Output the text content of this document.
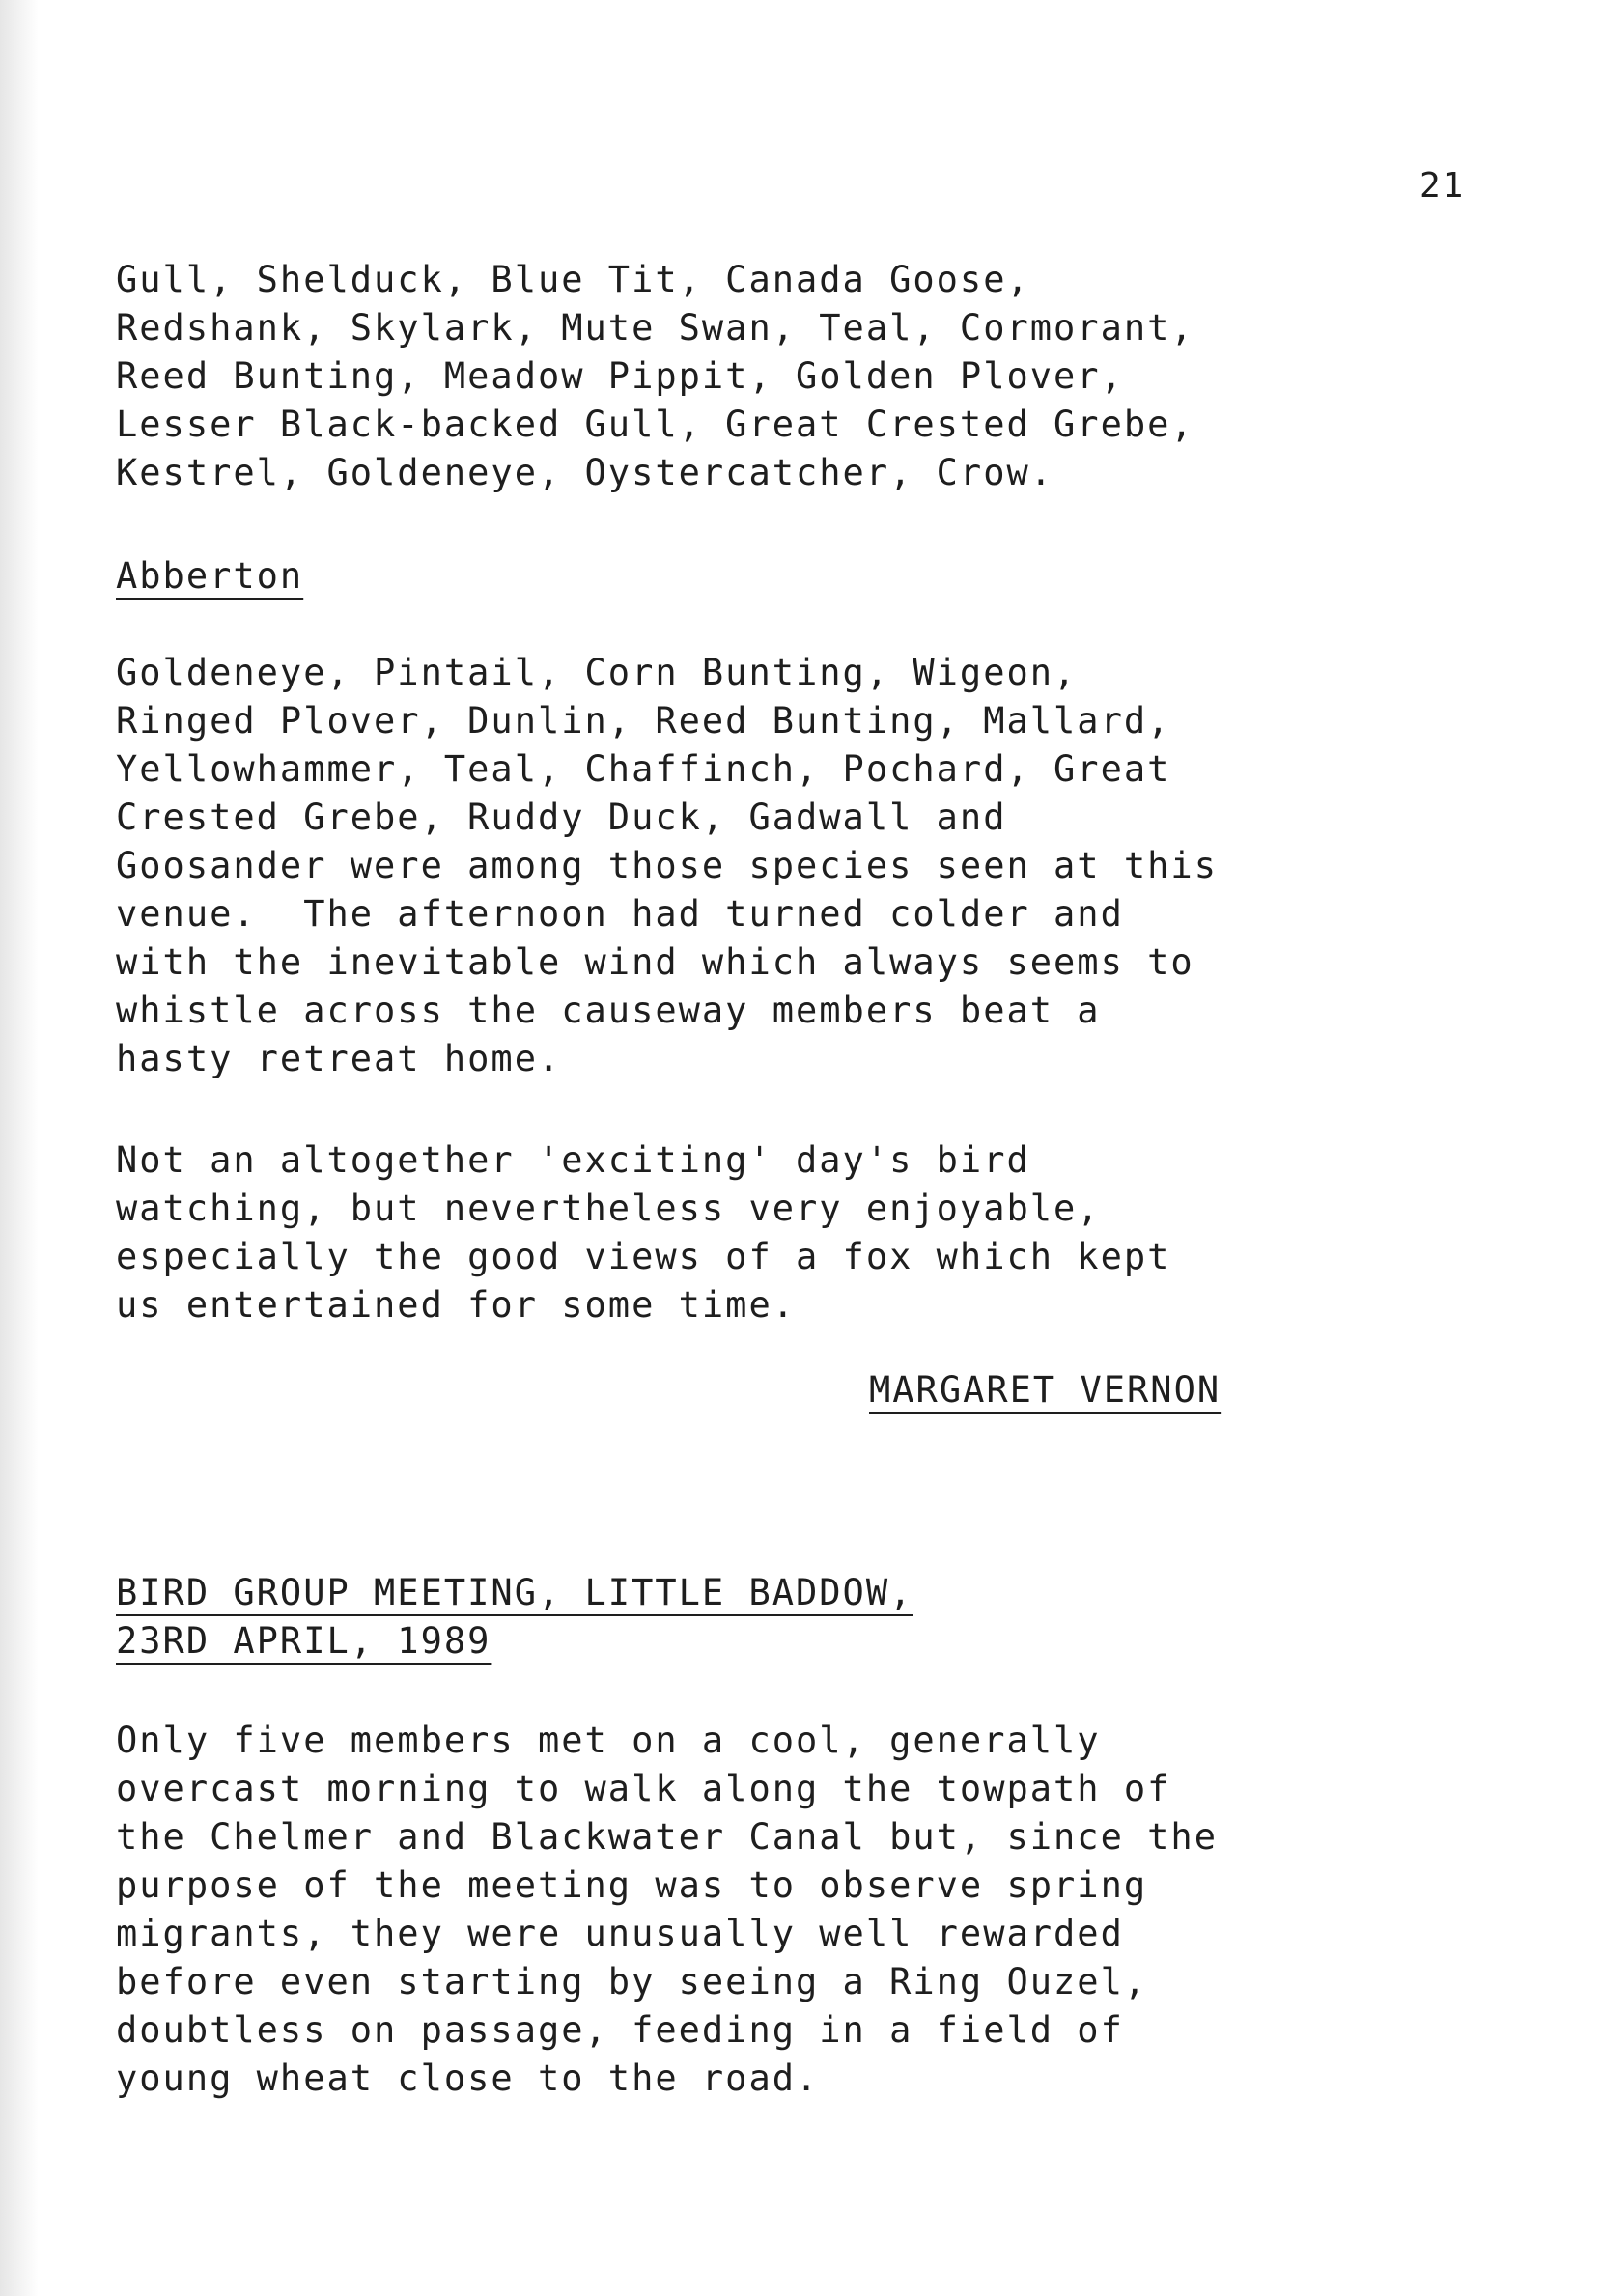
21
Gull, Shelduck, Blue Tit, Canada Goose,
Redshank, Skylark, Mute Swan, Teal, Cormorant,
Reed Bunting, Meadow Pippit, Golden Plover,
Lesser Black-backed Gull, Great Crested Grebe,
Kestrel, Goldeneye, Oystercatcher, Crow.
Abberton
Goldeneye, Pintail, Corn Bunting, Wigeon,
Ringed Plover, Dunlin, Reed Bunting, Mallard,
Yellowhammer, Teal, Chaffinch, Pochard, Great
Crested Grebe, Ruddy Duck, Gadwall and
Goosander were among those species seen at this
venue.  The afternoon had turned colder and
with the inevitable wind which always seems to
whistle across the causeway members beat a
hasty retreat home.
Not an altogether 'exciting' day's bird
watching, but nevertheless very enjoyable,
especially the good views of a fox which kept
us entertained for some time.
MARGARET VERNON
BIRD GROUP MEETING, LITTLE BADDOW,
23RD APRIL, 1989
Only five members met on a cool, generally
overcast morning to walk along the towpath of
the Chelmer and Blackwater Canal but, since the
purpose of the meeting was to observe spring
migrants, they were unusually well rewarded
before even starting by seeing a Ring Ouzel,
doubtless on passage, feeding in a field of
young wheat close to the road.
